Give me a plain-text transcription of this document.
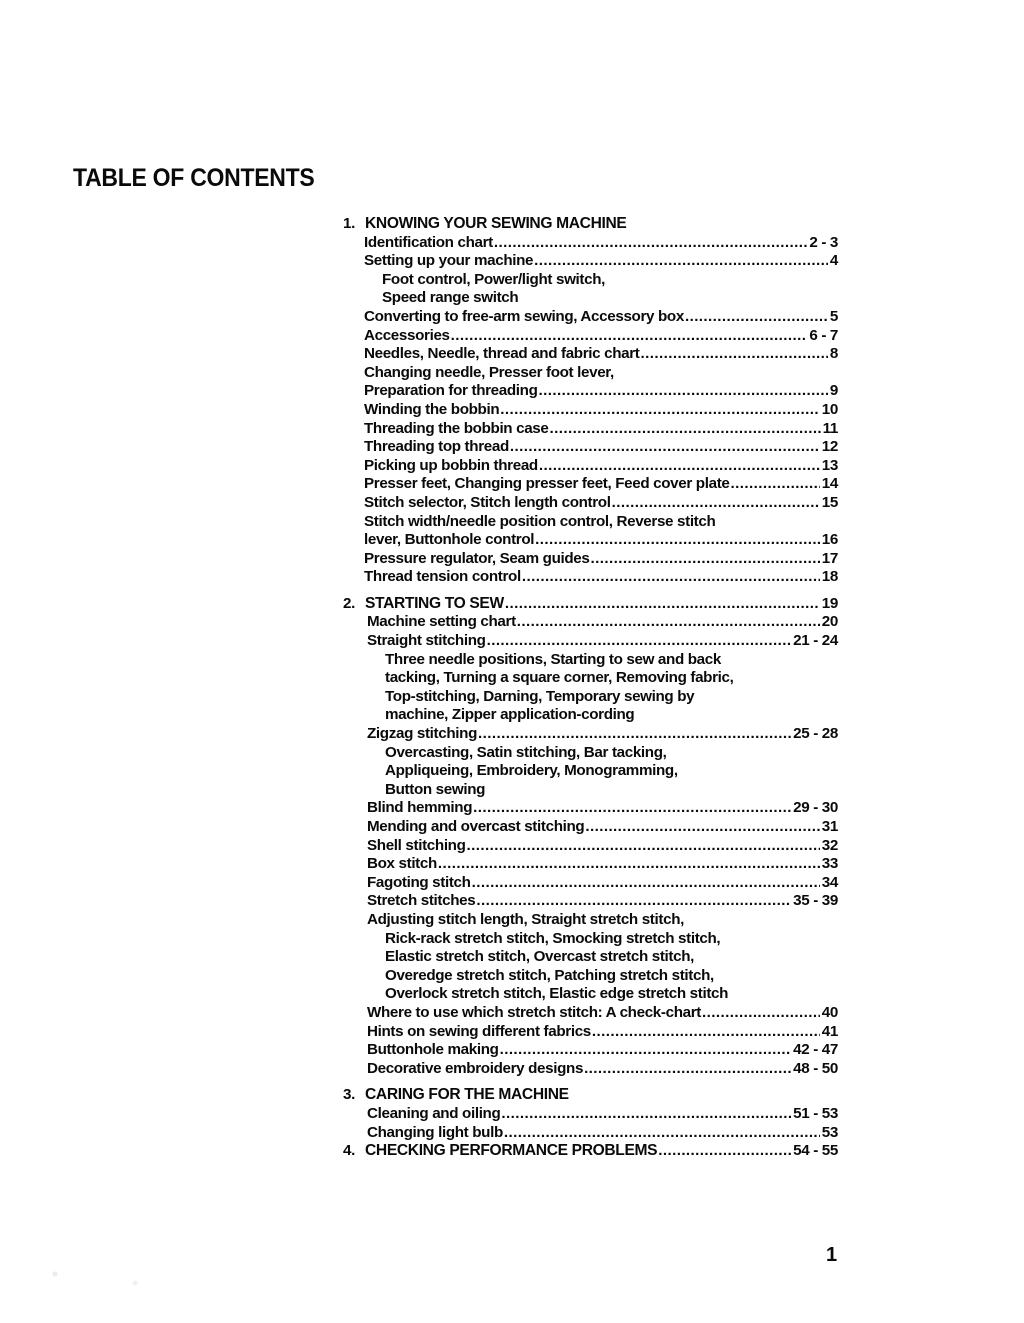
TABLE OF CONTENTS
1. KNOWING YOUR SEWING MACHINE
Identification chart .....	2 - 3
Setting up your machine .....	4
Foot control, Power/light switch,
Speed range switch
Converting to free-arm sewing, Accessory box .....	5
Accessories .....	6 - 7
Needles, Needle, thread and fabric chart .....	8
Changing needle, Presser foot lever,
Preparation for threading .....	9
Winding the bobbin .....	10
Threading the bobbin case .....	11
Threading top thread .....	12
Picking up bobbin thread .....	13
Presser feet, Changing presser feet, Feed cover plate .....	14
Stitch selector, Stitch length control .....	15
Stitch width/needle position control, Reverse stitch
lever, Buttonhole control .....	16
Pressure regulator, Seam guides .....	17
Thread tension control .....	18
2. STARTING TO SEW .....	19
Machine setting chart .....	20
Straight stitching .....	21 - 24
Three needle positions, Starting to sew and back
tacking, Turning a square corner, Removing fabric,
Top-stitching, Darning, Temporary sewing by
machine, Zipper application-cording
Zigzag stitching .....	25 - 28
Overcasting, Satin stitching, Bar tacking,
Appliqueing, Embroidery, Monogramming,
Button sewing
Blind hemming .....	29 - 30
Mending and overcast stitching .....	31
Shell stitching .....	32
Box stitch .....	33
Fagoting stitch .....	34
Stretch stitches .....	35 - 39
Adjusting stitch length, Straight stretch stitch,
Rick-rack stretch stitch, Smocking stretch stitch,
Elastic stretch stitch, Overcast stretch stitch,
Overedge stretch stitch, Patching stretch stitch,
Overlock stretch stitch, Elastic edge stretch stitch
Where to use which stretch stitch: A check-chart .....	40
Hints on sewing different fabrics .....	41
Buttonhole making .....	42 - 47
Decorative embroidery designs .....	48 - 50
3. CARING FOR THE MACHINE
Cleaning and oiling .....	51 - 53
Changing light bulb .....	53
4. CHECKING PERFORMANCE PROBLEMS .....	54 - 55
1
